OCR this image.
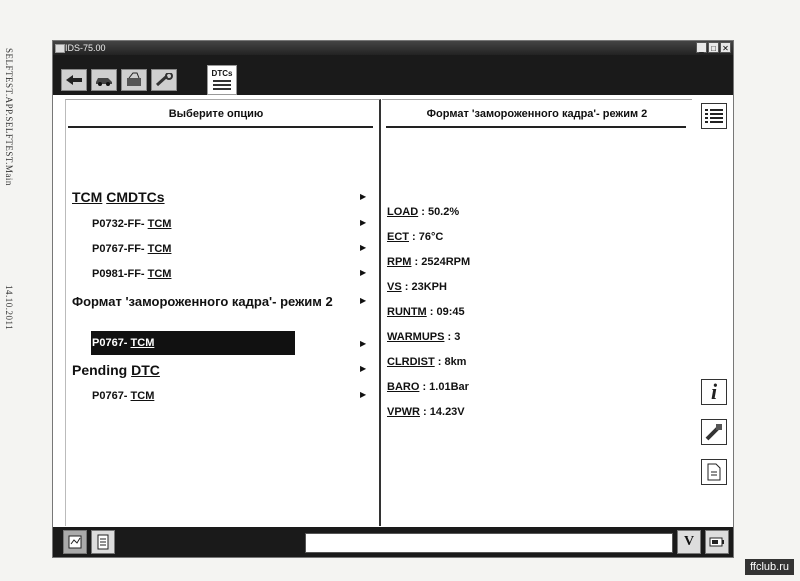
SELFTEST.APP.SELFTEST.Main
14.10.2011
IDS-75.00	_ □ ✕
DTCs
Выберите опцию
TCM CMDTCs	▶
P0732-FF- TCM	▶
P0767-FF- TCM	▶
P0981-FF- TCM	▶
Формат 'замороженного кадра'- режим 2	▶
P0767- TCM	▶
Pending DTC	▶
P0767- TCM	▶
Формат 'замороженного кадра'- режим 2
LOAD : 50.2%
ECT : 76°C
RPM : 2524RPM
VS : 23KPH
RUNTM : 09:45
WARMUPS : 3
CLRDIST : 8km
BARO : 1.01Bar
VPWR : 14.23V
i
V
ffclub.ru
